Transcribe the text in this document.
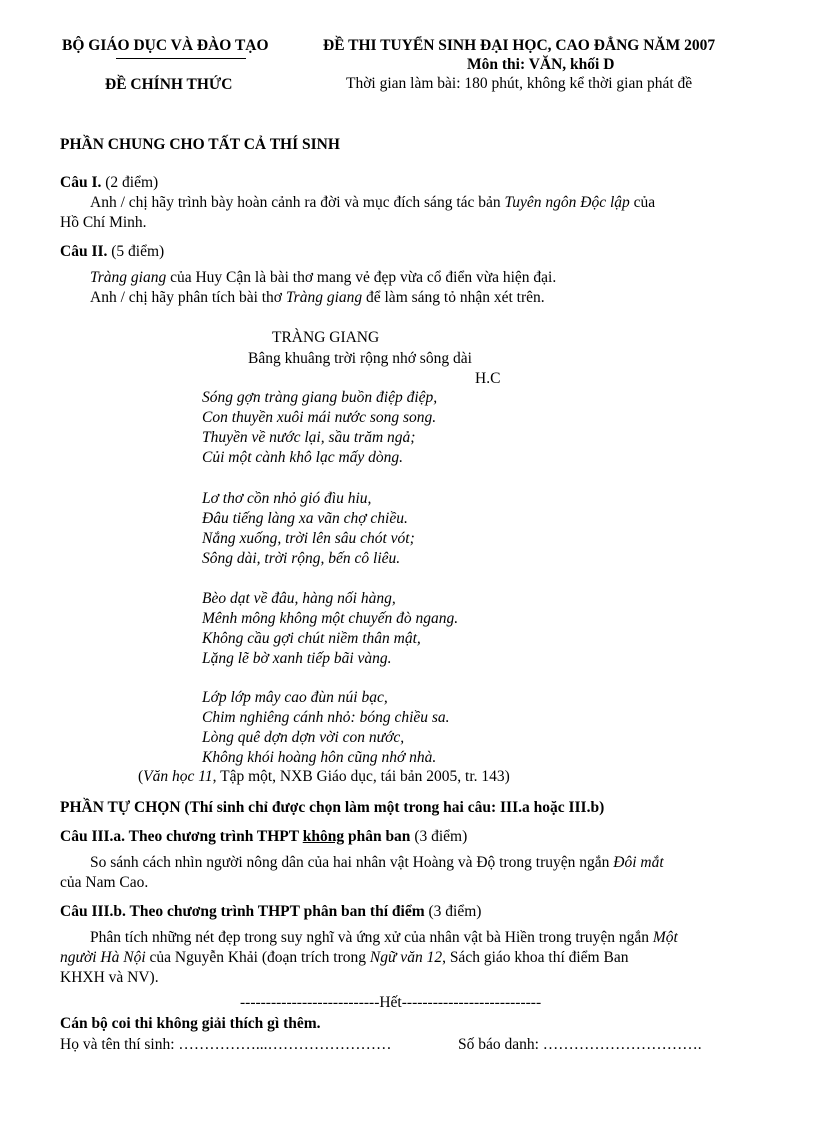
BỘ GIÁO DỤC VÀ ĐÀO TẠO
ĐỀ CHÍNH THỨC
ĐỀ THI TUYỂN SINH ĐẠI HỌC, CAO ĐẲNG NĂM 2007
Môn thi: VĂN, khối D
Thời gian làm bài: 180 phút, không kể thời gian phát đề
PHẦN CHUNG CHO TẤT CẢ THÍ SINH
Câu I. (2 điểm)
Anh / chị hãy trình bày hoàn cảnh ra đời và mục đích sáng tác bản Tuyên ngôn Độc lập của
Hồ Chí Minh.
Câu II. (5 điểm)
Tràng giang của Huy Cận là bài thơ mang vẻ đẹp vừa cổ điển vừa hiện đại.
Anh / chị hãy phân tích bài thơ Tràng giang để làm sáng tỏ nhận xét trên.
TRÀNG GIANG
Bâng khuâng trời rộng nhớ sông dài
H.C
Sóng gợn tràng giang buồn điệp điệp,
Con thuyền xuôi mái nước song song.
Thuyền về nước lại, sầu trăm ngả;
Củi một cành khô lạc mấy dòng.
Lơ thơ cồn nhỏ gió đìu hiu,
Đâu tiếng làng xa vãn chợ chiều.
Nắng xuống, trời lên sâu chót vót;
Sông dài, trời rộng, bến cô liêu.
Bèo dạt về đâu, hàng nối hàng,
Mênh mông không một chuyến đò ngang.
Không cầu gợi chút niềm thân mật,
Lặng lẽ bờ xanh tiếp bãi vàng.
Lớp lớp mây cao đùn núi bạc,
Chim nghiêng cánh nhỏ: bóng chiều sa.
Lòng quê dợn dợn vời con nước,
Không khói hoàng hôn cũng nhớ nhà.
(Văn học 11, Tập một, NXB Giáo dục, tái bản 2005, tr. 143)
PHẦN TỰ CHỌN (Thí sinh chỉ được chọn làm một trong hai câu: III.a hoặc III.b)
Câu III.a. Theo chương trình THPT không phân ban (3 điểm)
So sánh cách nhìn người nông dân của hai nhân vật Hoàng và Độ trong truyện ngắn Đôi mắt
của Nam Cao.
Câu III.b. Theo chương trình THPT phân ban thí điểm (3 điểm)
Phân tích những nét đẹp trong suy nghĩ và ứng xử của nhân vật bà Hiền trong truyện ngắn Một
người Hà Nội của Nguyễn Khải (đoạn trích trong Ngữ văn 12, Sách giáo khoa thí điểm Ban
KHXH và NV).
---------------------------Hết---------------------------
Cán bộ coi thi không giải thích gì thêm.
Họ và tên thí sinh: ……………...……………………	Số báo danh: ………………………….
1
